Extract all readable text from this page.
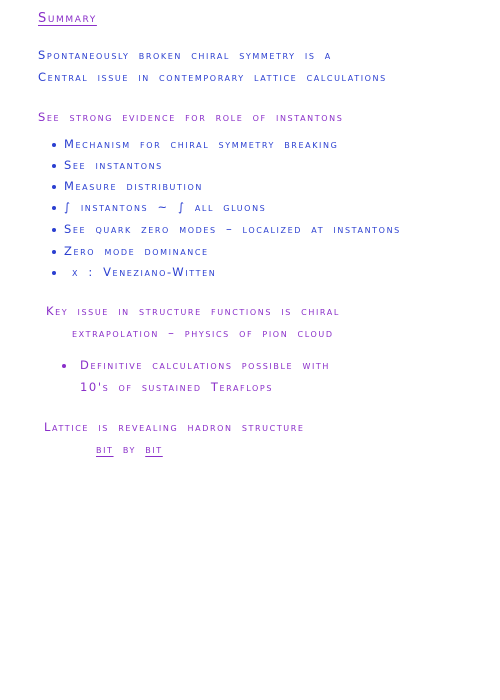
Summary
Spontaneously broken chiral symmetry is a
Central issue in contemporary lattice calculations
See strong evidence for role of instantons
Mechanism for chiral symmetry breaking
See instantons
Measure distribution
∫ instantons ~ ∫ all gluons
See quark zero modes – localized at instantons
Zero mode dominance
χ : Veneziano-Witten
Key issue in structure functions is chiral
extrapolation – physics of pion cloud
Definitive calculations possible with
10's of sustained Teraflops
Lattice is revealing hadron structure
bit by bit
